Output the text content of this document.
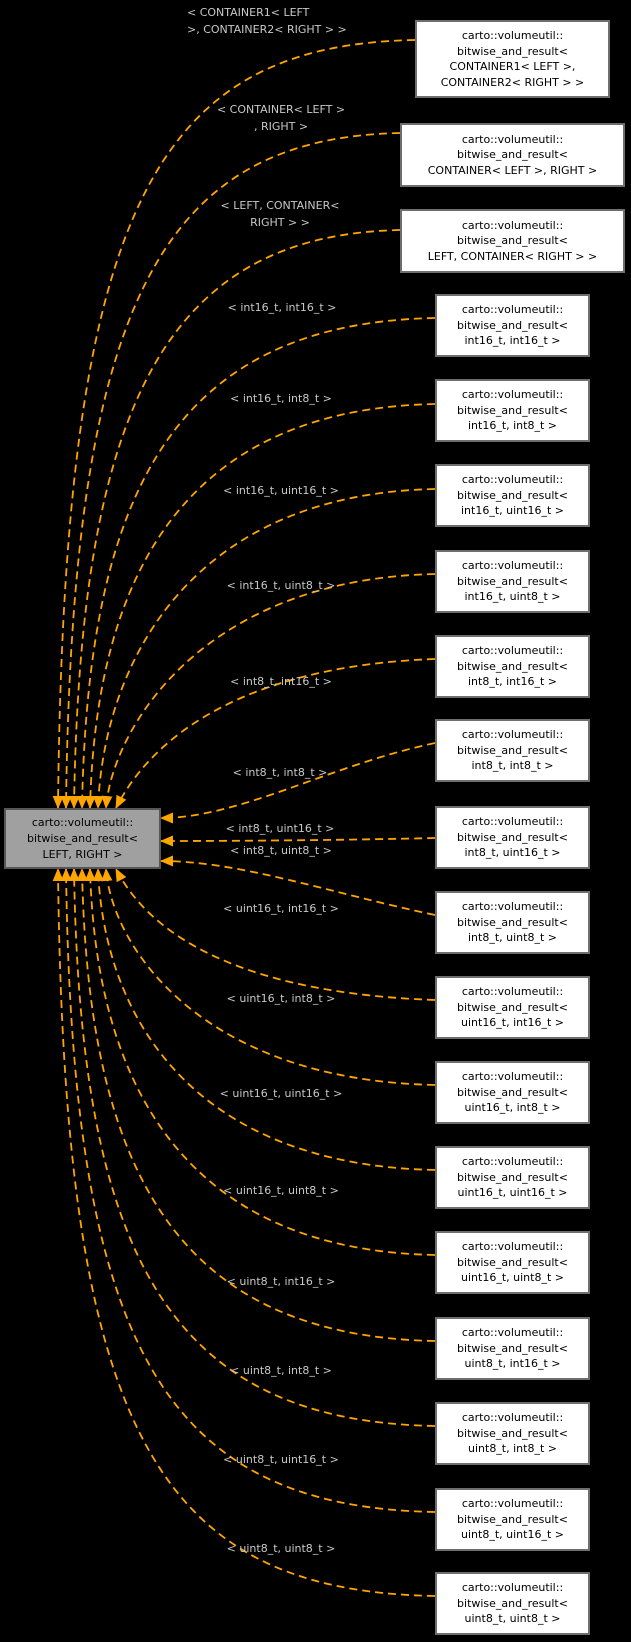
carto::volumeutil::
bitwise_and_result<
LEFT, RIGHT >
carto::volumeutil::
bitwise_and_result<
CONTAINER1< LEFT >,
CONTAINER2< RIGHT > >
carto::volumeutil::
bitwise_and_result<
CONTAINER< LEFT >, RIGHT >
carto::volumeutil::
bitwise_and_result<
LEFT, CONTAINER< RIGHT > >
carto::volumeutil::
bitwise_and_result<
int16_t, int16_t >
carto::volumeutil::
bitwise_and_result<
int16_t, int8_t >
carto::volumeutil::
bitwise_and_result<
int16_t, uint16_t >
carto::volumeutil::
bitwise_and_result<
int16_t, uint8_t >
carto::volumeutil::
bitwise_and_result<
int8_t, int16_t >
carto::volumeutil::
bitwise_and_result<
int8_t, int8_t >
carto::volumeutil::
bitwise_and_result<
int8_t, uint16_t >
carto::volumeutil::
bitwise_and_result<
int8_t, uint8_t >
carto::volumeutil::
bitwise_and_result<
uint16_t, int16_t >
carto::volumeutil::
bitwise_and_result<
uint16_t, int8_t >
carto::volumeutil::
bitwise_and_result<
uint16_t, uint16_t >
carto::volumeutil::
bitwise_and_result<
uint16_t, uint8_t >
carto::volumeutil::
bitwise_and_result<
uint8_t, int16_t >
carto::volumeutil::
bitwise_and_result<
uint8_t, int8_t >
carto::volumeutil::
bitwise_and_result<
uint8_t, uint16_t >
carto::volumeutil::
bitwise_and_result<
uint8_t, uint8_t >
< CONTAINER1< LEFT
>, CONTAINER2< RIGHT > >
< CONTAINER< LEFT >
, RIGHT >
< LEFT, CONTAINER<
RIGHT > >
< int16_t, int16_t >
< int16_t, int8_t >
< int16_t, uint16_t >
< int16_t, uint8_t >
< int8_t, int16_t >
< int8_t, int8_t >
< int8_t, uint16_t >
< int8_t, uint8_t >
< uint16_t, int16_t >
< uint16_t, int8_t >
< uint16_t, uint16_t >
< uint16_t, uint8_t >
< uint8_t, int16_t >
< uint8_t, int8_t >
< uint8_t, uint16_t >
< uint8_t, uint8_t >
